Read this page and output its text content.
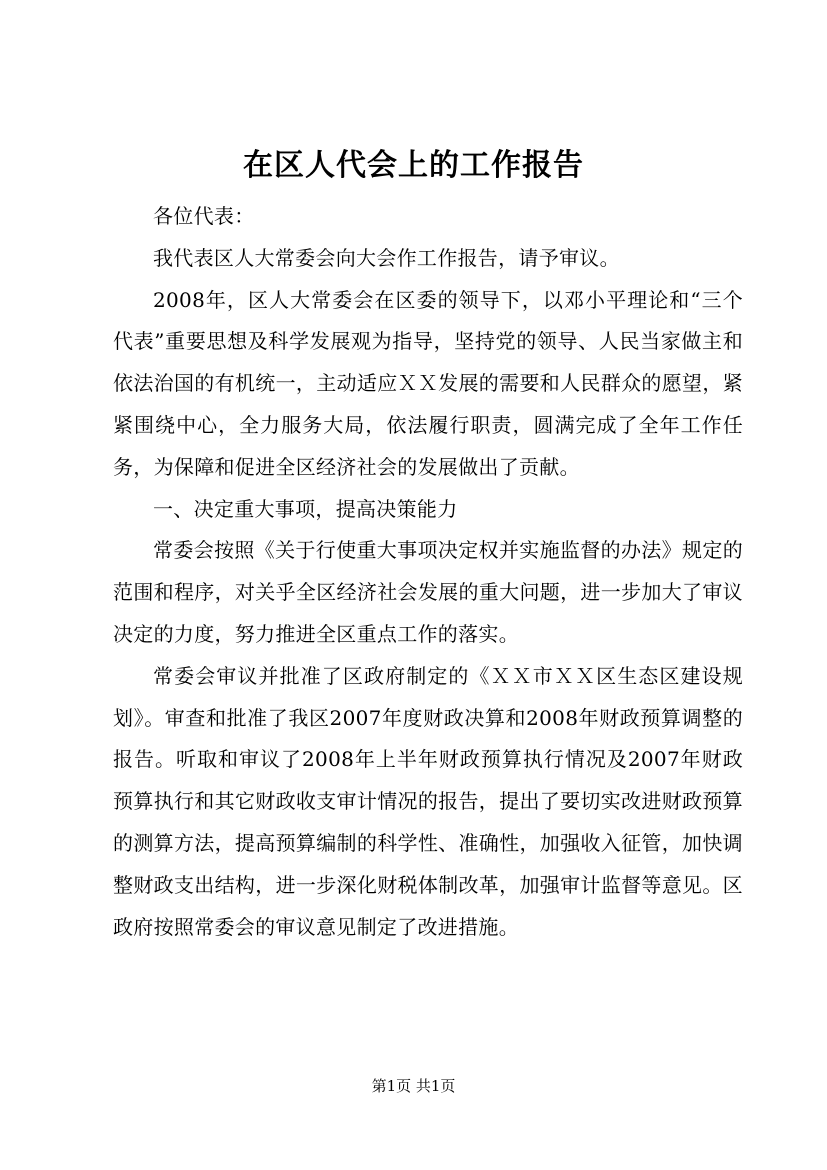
在区人代会上的工作报告

各位代表：

我代表区人大常委会向大会作工作报告，请予审议。

2008年，区人大常委会在区委的领导下，以邓小平理论和“三个代表”重要思想及科学发展观为指导，坚持党的领导、人民当家做主和依法治国的有机统一，主动适应ＸＸ发展的需要和人民群众的愿望，紧紧围绕中心，全力服务大局，依法履行职责，圆满完成了全年工作任务，为保障和促进全区经济社会的发展做出了贡献。

一、决定重大事项，提高决策能力

常委会按照《关于行使重大事项决定权并实施监督的办法》规定的范围和程序，对关乎全区经济社会发展的重大问题，进一步加大了审议决定的力度，努力推进全区重点工作的落实。

常委会审议并批准了区政府制定的《ＸＸ市ＸＸ区生态区建设规划》。审查和批准了我区2007年度财政决算和2008年财政预算调整的报告。听取和审议了2008年上半年财政预算执行情况及2007年财政预算执行和其它财政收支审计情况的报告，提出了要切实改进财政预算的测算方法，提高预算编制的科学性、准确性，加强收入征管，加快调整财政支出结构，进一步深化财税体制改革，加强审计监督等意见。区政府按照常委会的审议意见制定了改进措施。

第1页 共1页
